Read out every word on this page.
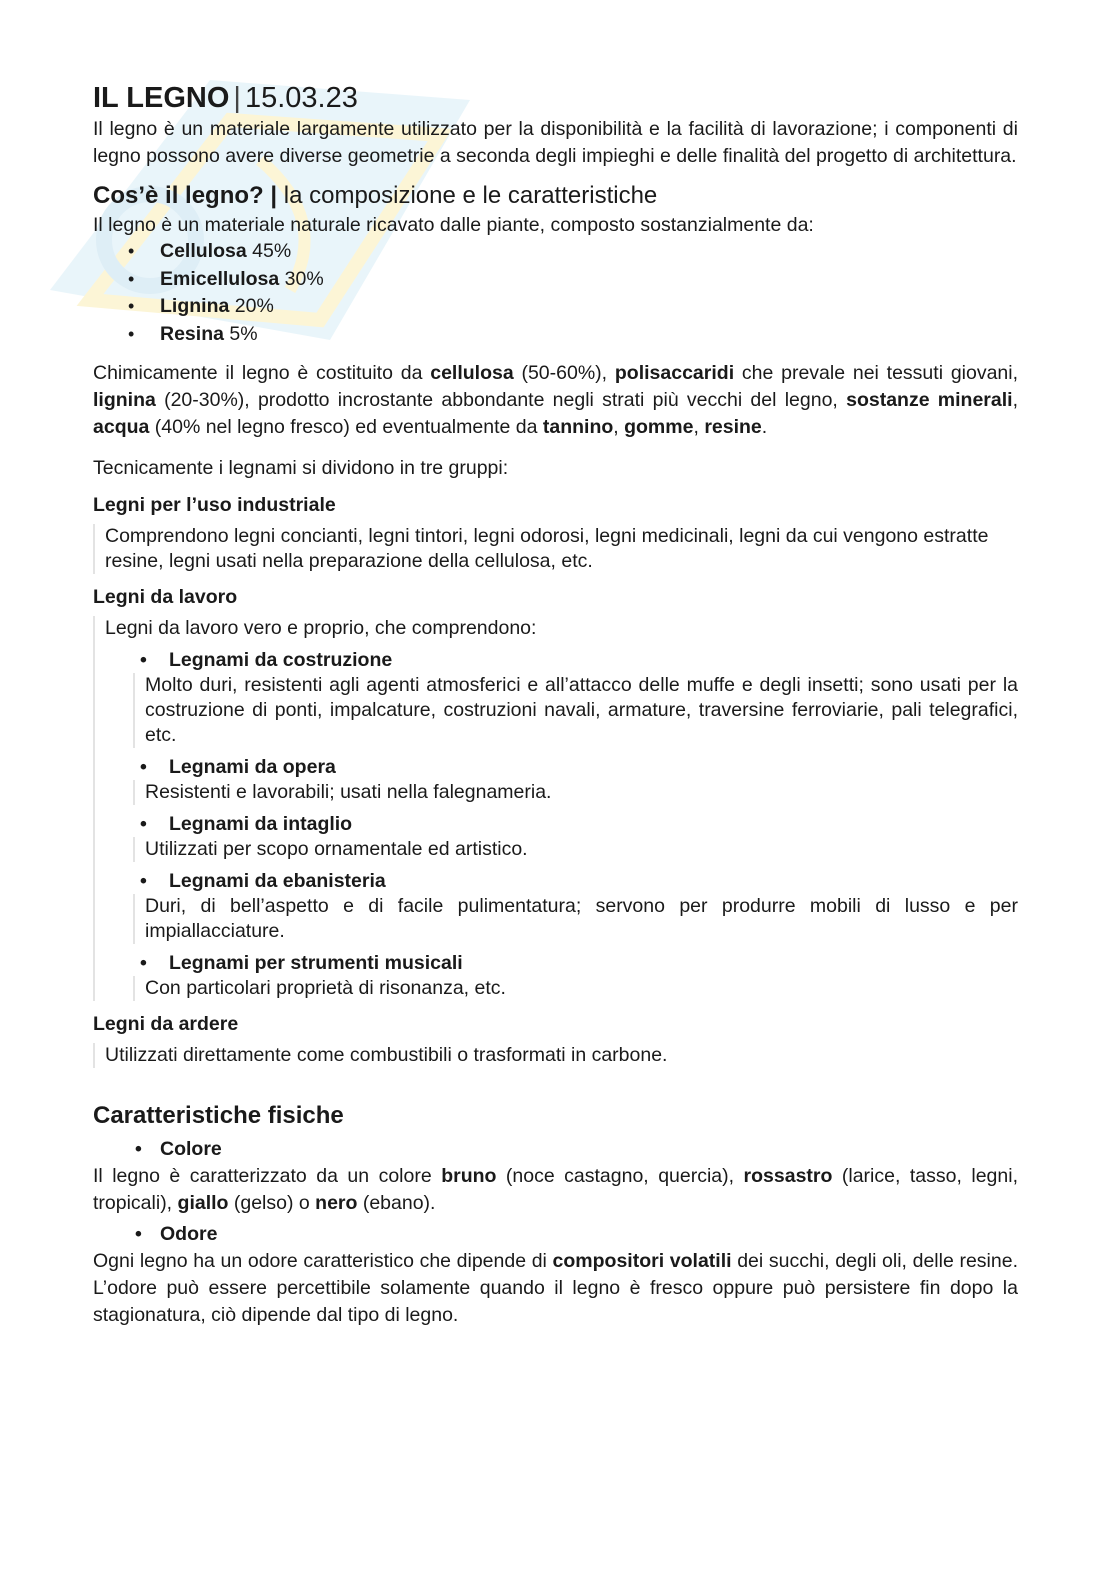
IL LEGNO | 15.03.23

Il legno è un materiale largamente utilizzato per la disponibilità e la facilità di lavorazione; i componenti di legno possono avere diverse geometrie a seconda degli impieghi e delle finalità del progetto di architettura.

Cos’è il legno? | la composizione e le caratteristiche

Il legno è un materiale naturale ricavato dalle piante, composto sostanzialmente da:

• Cellulosa 45%
• Emicellulosa 30%
• Lignina 20%
• Resina 5%

Chimicamente il legno è costituito da cellulosa (50-60%), polisaccaridi che prevale nei tessuti giovani, lignina (20-30%), prodotto incrostante abbondante negli strati più vecchi del legno, sostanze minerali, acqua (40% nel legno fresco) ed eventualmente da tannino, gomme, resine.

Tecnicamente i legnami si dividono in tre gruppi:

Legni per l’uso industriale
Comprendono legni concianti, legni tintori, legni odorosi, legni medicinali, legni da cui vengono estratte resine, legni usati nella preparazione della cellulosa, etc.
Legni da lavoro
Legni da lavoro vero e proprio, che comprendono:
• Legnami da costruzione
Molto duri, resistenti agli agenti atmosferici e all’attacco delle muffe e degli insetti; sono usati per la costruzione di ponti, impalcature, costruzioni navali, armature, traversine ferroviarie, pali telegrafici, etc.
• Legnami da opera
Resistenti e lavorabili; usati nella falegnameria.
• Legnami da intaglio
Utilizzati per scopo ornamentale ed artistico.
• Legnami da ebanisteria
Duri, di bell’aspetto e di facile pulimentatura; servono per produrre mobili di lusso e per impiallacciature.
• Legnami per strumenti musicali
Con particolari proprietà di risonanza, etc.
Legni da ardere
Utilizzati direttamente come combustibili o trasformati in carbone.
Caratteristiche fisiche
• Colore

Il legno è caratterizzato da un colore bruno (noce castagno, quercia), rossastro (larice, tasso, legni, tropicali), giallo (gelso) o nero (ebano).

• Odore

Ogni legno ha un odore caratteristico che dipende di compositori volatili dei succhi, degli oli, delle resine. L’odore può essere percettibile solamente quando il legno è fresco oppure può persistere fin dopo la stagionatura, ciò dipende dal tipo di legno.
